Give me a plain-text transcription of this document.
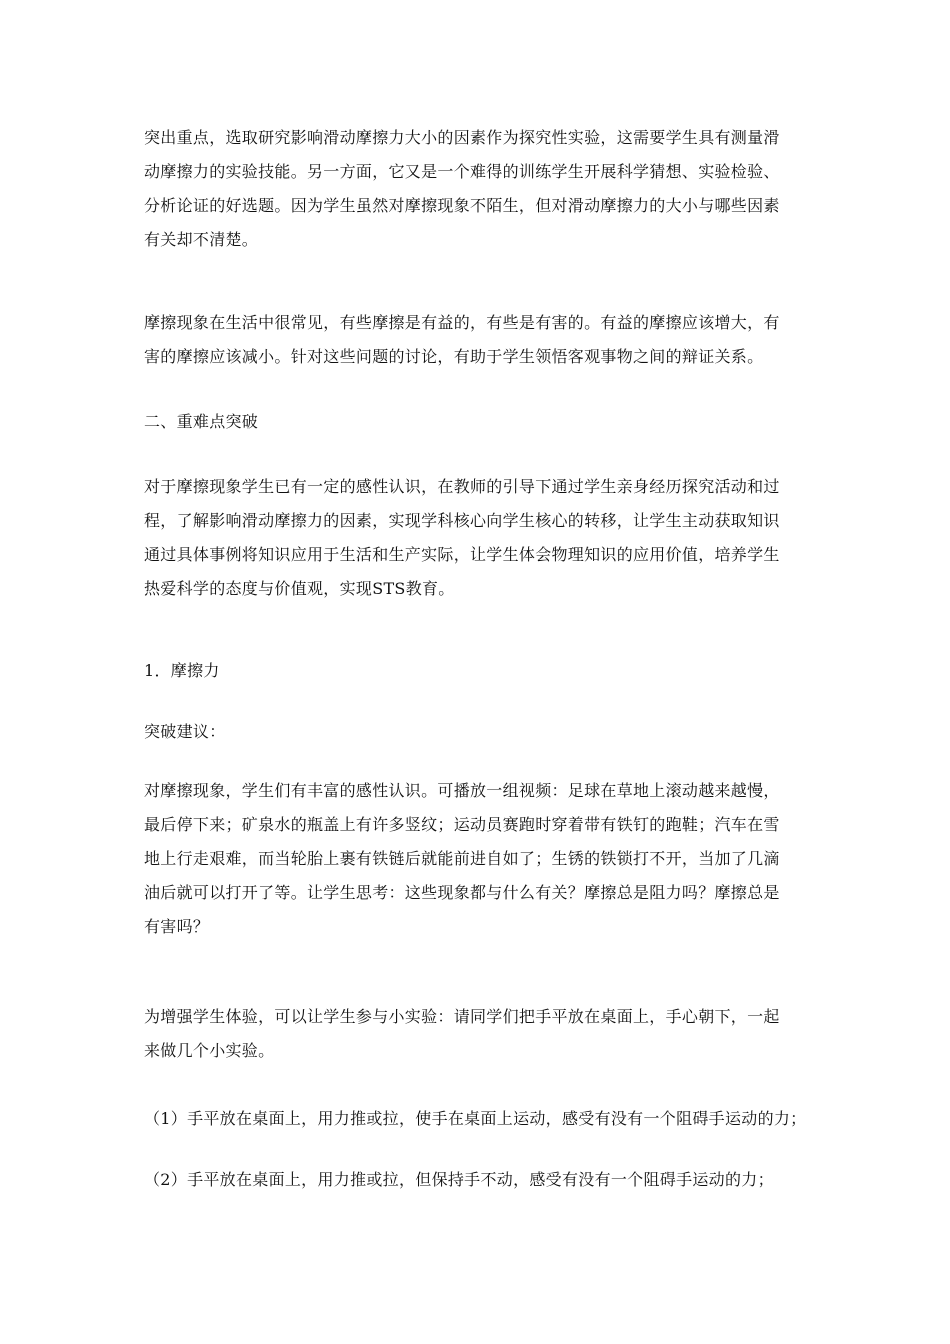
突出重点，选取研究影响滑动摩擦力大小的因素作为探究性实验，这需要学生具有测量滑
动摩擦力的实验技能。另一方面，它又是一个难得的训练学生开展科学猜想、实验检验、
分析论证的好选题。因为学生虽然对摩擦现象不陌生，但对滑动摩擦力的大小与哪些因素
有关却不清楚。
摩擦现象在生活中很常见，有些摩擦是有益的，有些是有害的。有益的摩擦应该增大，有
害的摩擦应该减小。针对这些问题的讨论，有助于学生领悟客观事物之间的辩证关系。
二、重难点突破
对于摩擦现象学生已有一定的感性认识，在教师的引导下通过学生亲身经历探究活动和过
程，了解影响滑动摩擦力的因素，实现学科核心向学生核心的转移，让学生主动获取知识
通过具体事例将知识应用于生活和生产实际，让学生体会物理知识的应用价值，培养学生
热爱科学的态度与价值观，实现STS教育。
1．摩擦力
突破建议：
对摩擦现象，学生们有丰富的感性认识。可播放一组视频：足球在草地上滚动越来越慢，
最后停下来；矿泉水的瓶盖上有许多竖纹；运动员赛跑时穿着带有铁钉的跑鞋；汽车在雪
地上行走艰难，而当轮胎上裹有铁链后就能前进自如了；生锈的铁锁打不开，当加了几滴
油后就可以打开了等。让学生思考：这些现象都与什么有关？摩擦总是阻力吗？摩擦总是
有害吗？
为增强学生体验，可以让学生参与小实验：请同学们把手平放在桌面上，手心朝下，一起
来做几个小实验。
（1）手平放在桌面上，用力推或拉，使手在桌面上运动，感受有没有一个阻碍手运动的力；
（2）手平放在桌面上，用力推或拉，但保持手不动，感受有没有一个阻碍手运动的力；
